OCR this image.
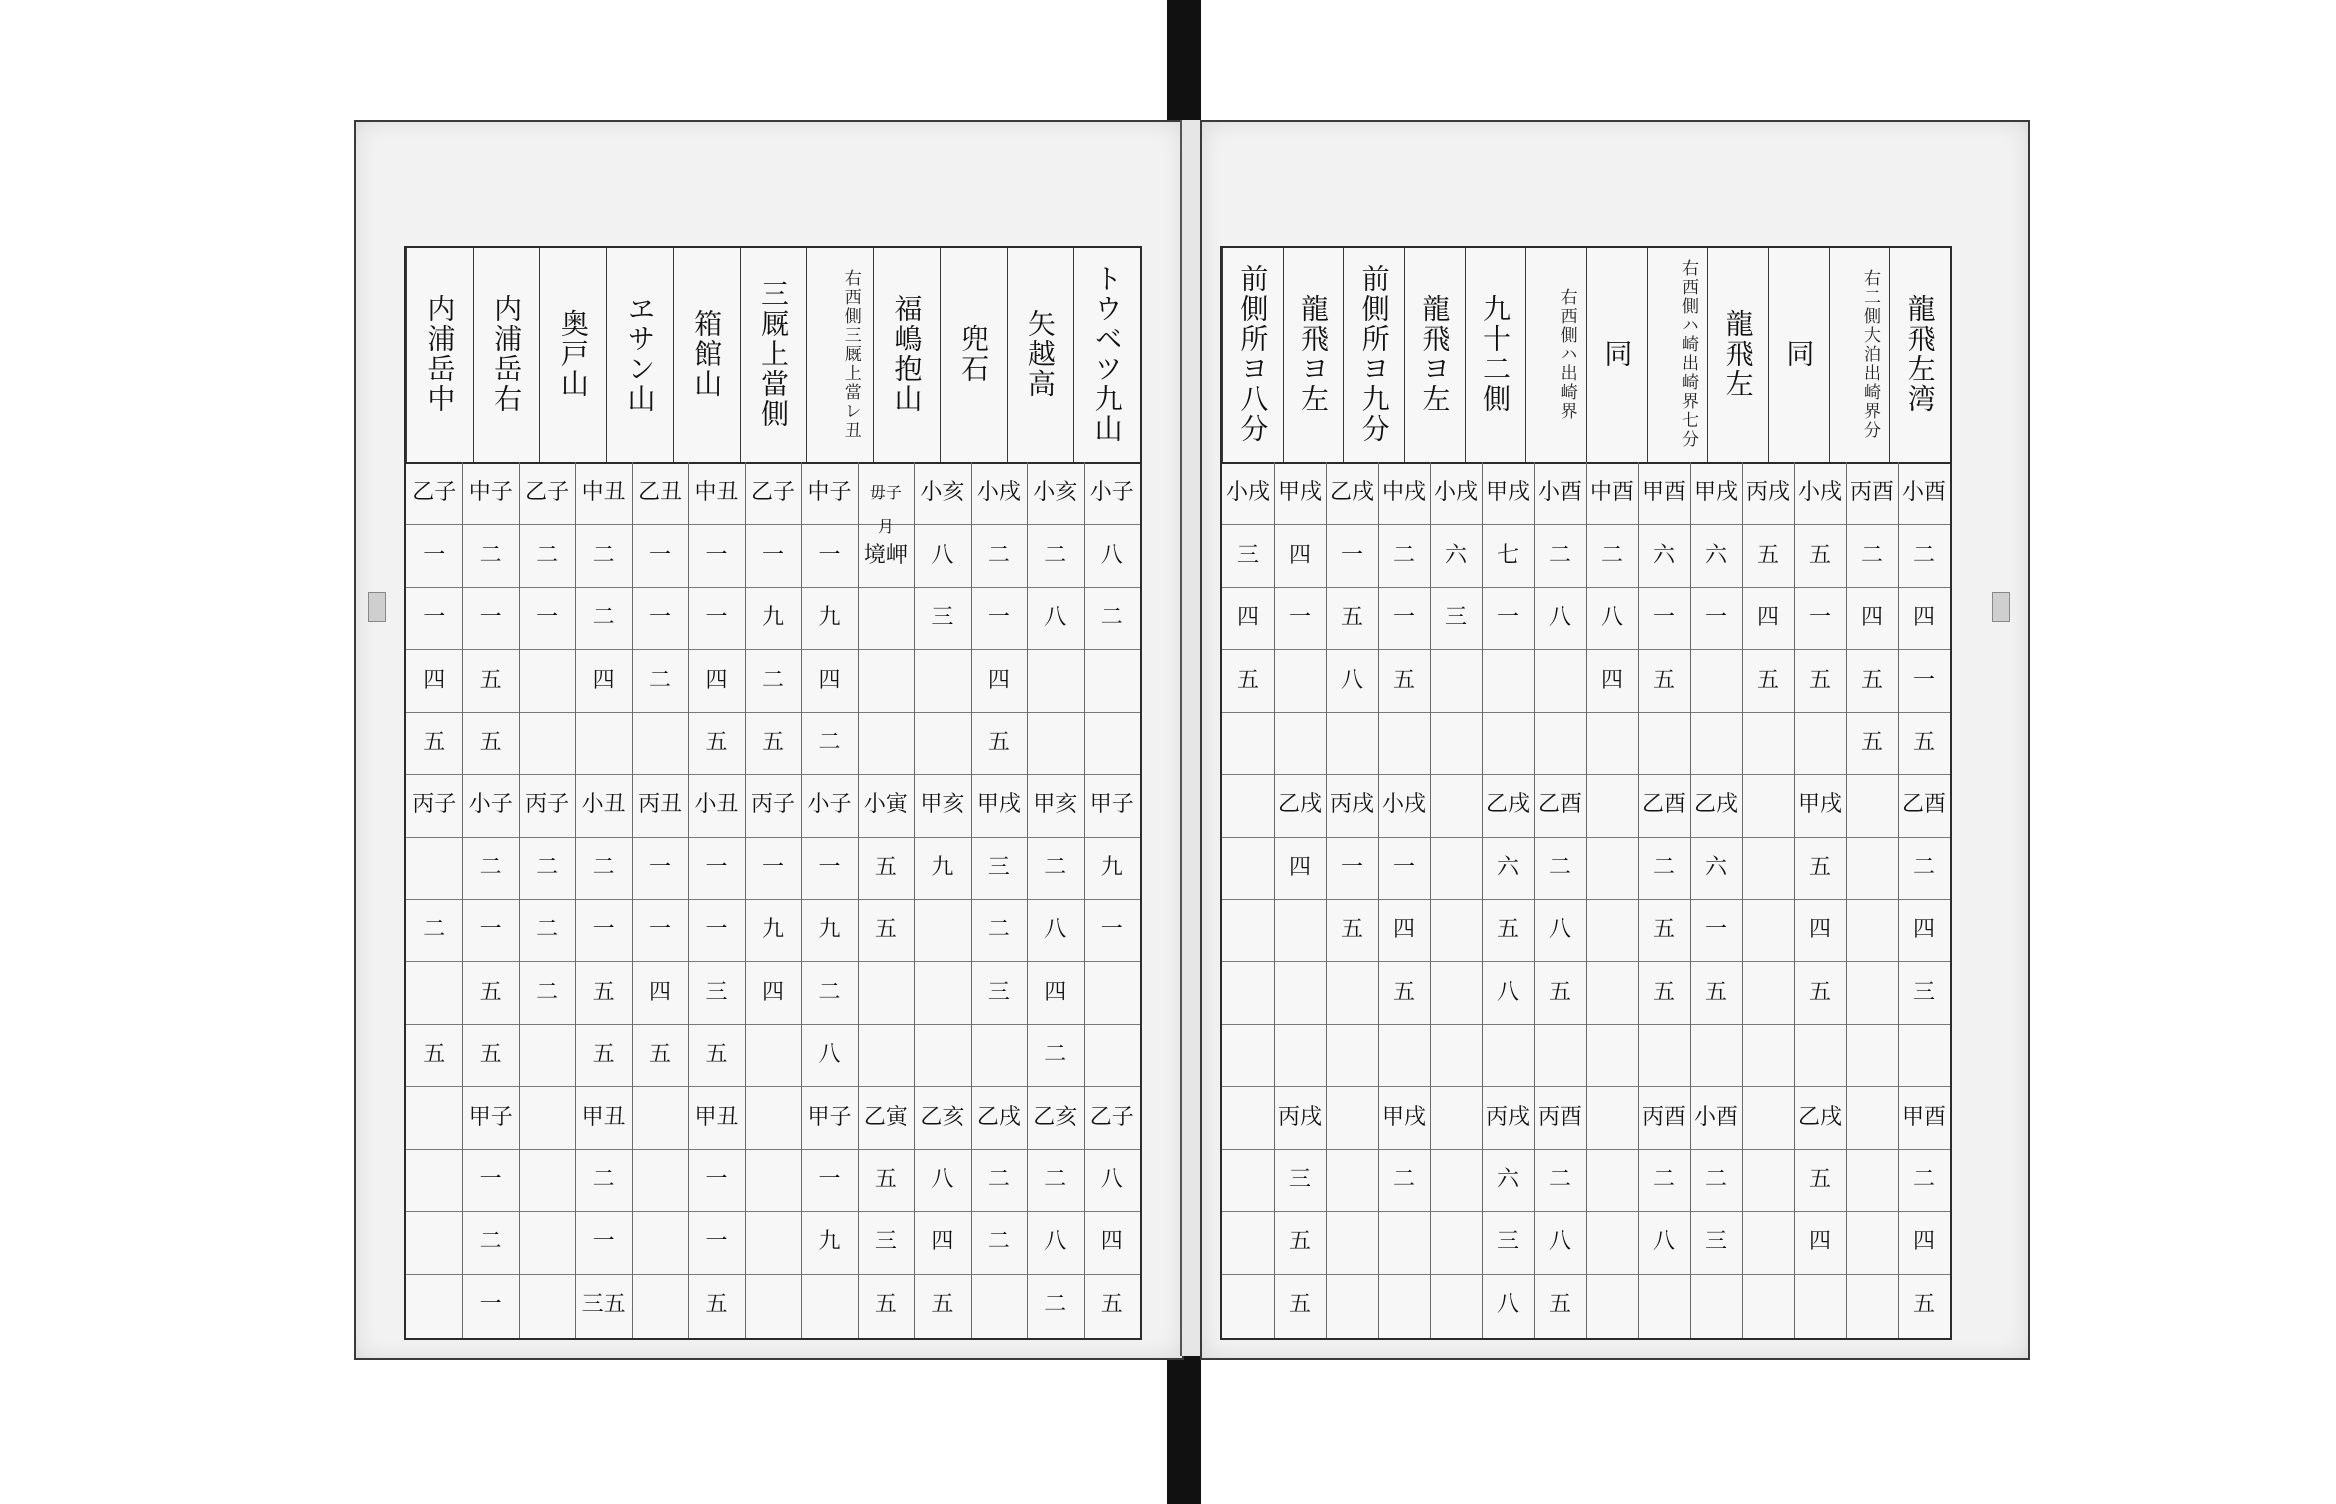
トウベツ九山
矢越高
兜石
福嶋抱山
右西側三厩上當レ丑
三厩上當側
箱館山
ヱサン山
奥戸山
内浦岳右
内浦岳中
小子
八
二
甲子
九
一
乙子
八
四
五
小亥
二
八
甲亥
二
八
四
二
乙亥
二
八
二
小戌
二
一
四
五
甲戌
三
二
三
乙戌
二
二
小亥
八
三
甲亥
九
乙亥
八
四
五
毋子月
境岬
小寅
五
五
乙寅
五
三
五
中子
一
九
四
二
小子
一
九
二
八
甲子
一
九
乙子
一
九
二
五
丙子
一
九
四
中丑
一
一
四
五
小丑
一
一
三
五
甲丑
一
一
五
乙丑
一
一
二
丙丑
一
一
四
五
中丑
二
二
四
小丑
二
一
五
五
甲丑
二
一
三五
乙子
二
一
丙子
二
二
二
中子
二
一
五
五
小子
二
一
五
五
甲子
一
二
一
乙子
一
一
四
五
丙子
二
五
龍飛左湾
右二側大泊出崎界分
同
龍飛左
右西側ハ崎出崎界七分
同
右西側ハ出崎界
九十二側
龍飛ヨ左
前側所ヨ九分
龍飛ヨ左
前側所ヨ八分
小酉
二
四
一
五
乙酉
二
四
三
甲酉
二
四
五
丙酉
二
四
五
五
小戌
五
一
五
甲戌
五
四
五
乙戌
五
四
丙戌
五
四
五
甲戌
六
一
乙戌
六
一
五
小酉
二
三
甲酉
六
一
五
乙酉
二
五
五
丙酉
二
八
中酉
二
八
四
小酉
二
八
乙酉
二
八
五
丙酉
二
八
五
甲戌
七
一
乙戌
六
五
八
丙戌
六
三
八
小戌
六
三
中戌
二
一
五
小戌
一
四
五
甲戌
二
乙戌
一
五
八
丙戌
一
五
甲戌
四
一
乙戌
四
丙戌
三
五
五
小戌
三
四
五
